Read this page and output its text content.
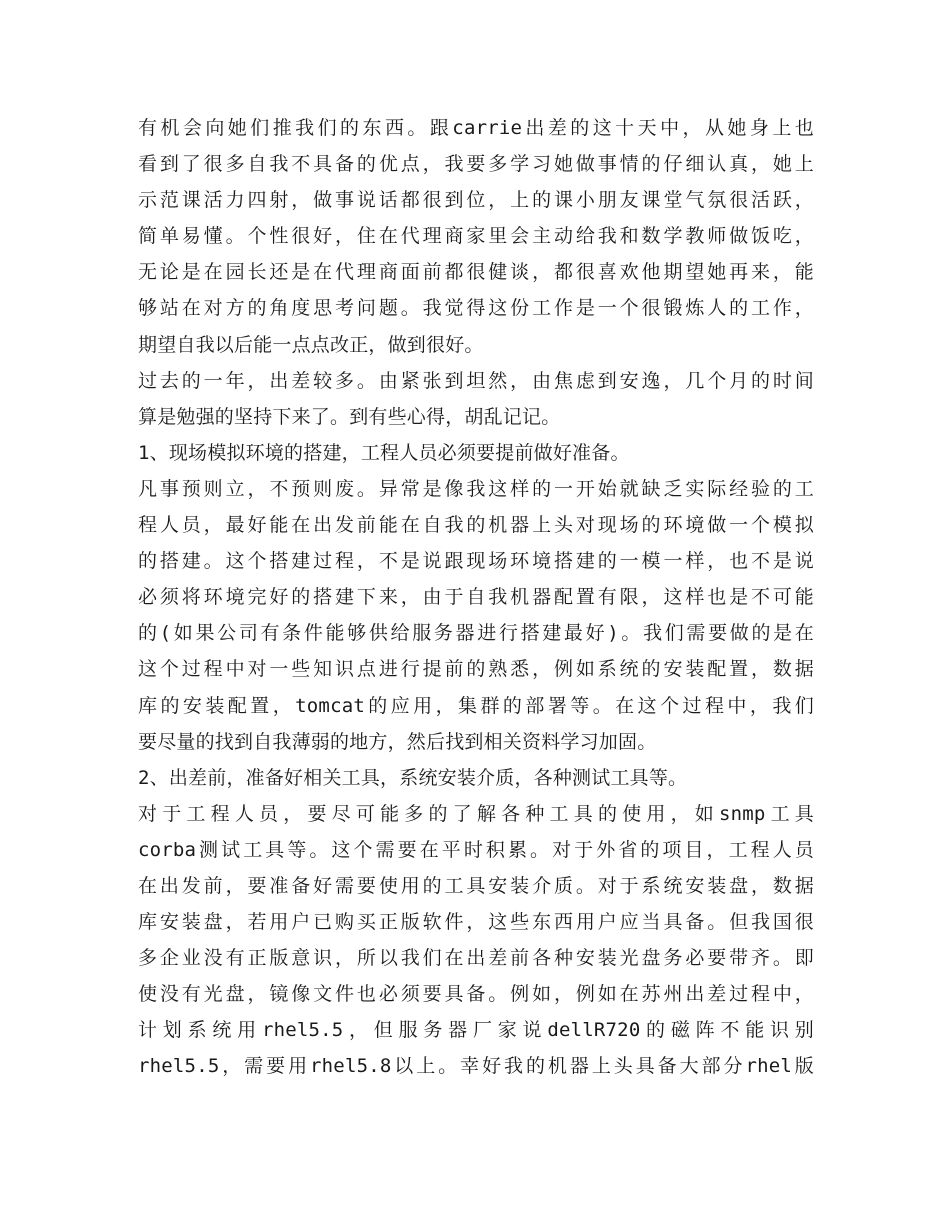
有机会向她们推我们的东西。跟carrie出差的这十天中，从她身上也
看到了很多自我不具备的优点，我要多学习她做事情的仔细认真，她上
示范课活力四射，做事说话都很到位，上的课小朋友课堂气氛很活跃，
简单易懂。个性很好，住在代理商家里会主动给我和数学教师做饭吃，
无论是在园长还是在代理商面前都很健谈，都很喜欢他期望她再来，能
够站在对方的角度思考问题。我觉得这份工作是一个很锻炼人的工作，
期望自我以后能一点点改正，做到很好。
过去的一年，出差较多。由紧张到坦然，由焦虑到安逸，几个月的时间
算是勉强的坚持下来了。到有些心得，胡乱记记。
1、现场模拟环境的搭建，工程人员必须要提前做好准备。
凡事预则立，不预则废。异常是像我这样的一开始就缺乏实际经验的工
程人员，最好能在出发前能在自我的机器上头对现场的环境做一个模拟
的搭建。这个搭建过程，不是说跟现场环境搭建的一模一样，也不是说
必须将环境完好的搭建下来，由于自我机器配置有限，这样也是不可能
的(如果公司有条件能够供给服务器进行搭建最好)。我们需要做的是在
这个过程中对一些知识点进行提前的熟悉，例如系统的安装配置，数据
库的安装配置，tomcat的应用，集群的部署等。在这个过程中，我们
要尽量的找到自我薄弱的地方，然后找到相关资料学习加固。
2、出差前，准备好相关工具，系统安装介质，各种测试工具等。
对于工程人员，要尽可能多的了解各种工具的使用，如snmp工具
corba测试工具等。这个需要在平时积累。对于外省的项目，工程人员
在出发前，要准备好需要使用的工具安装介质。对于系统安装盘，数据
库安装盘，若用户已购买正版软件，这些东西用户应当具备。但我国很
多企业没有正版意识，所以我们在出差前各种安装光盘务必要带齐。即
使没有光盘，镜像文件也必须要具备。例如，例如在苏州出差过程中，
计划系统用rhel5.5，但服务器厂家说dellR720的磁阵不能识别
rhel5.5，需要用rhel5.8以上。幸好我的机器上头具备大部分rhel版
